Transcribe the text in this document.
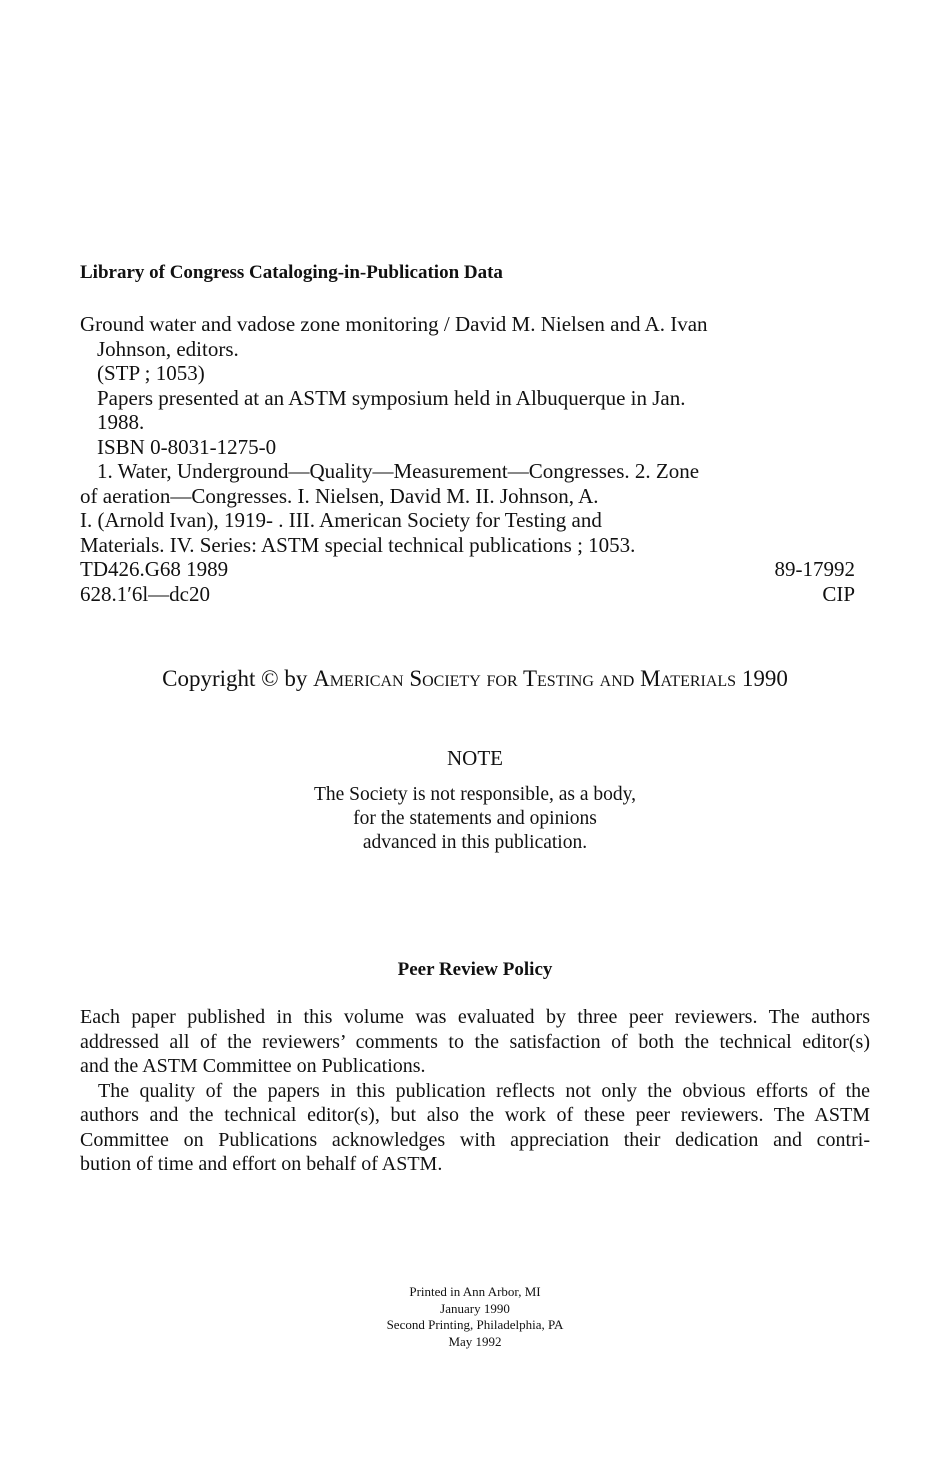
Library of Congress Cataloging-in-Publication Data
Ground water and vadose zone monitoring / David M. Nielsen and A. Ivan
Johnson, editors.
(STP ; 1053)
Papers presented at an ASTM symposium held in Albuquerque in Jan.
1988.
ISBN 0-8031-1275-0
1. Water, Underground—Quality—Measurement—Congresses. 2. Zone
of aeration—Congresses. I. Nielsen, David M. II. Johnson, A.
I. (Arnold Ivan), 1919- . III. American Society for Testing and
Materials. IV. Series: ASTM special technical publications ; 1053.
TD426.G68 1989	89-17992
628.1′6l—dc20	CIP
Copyright © by American Society for Testing and Materials 1990
NOTE
The Society is not responsible, as a body,
for the statements and opinions
advanced in this publication.
Peer Review Policy
Each paper published in this volume was evaluated by three peer reviewers. The authors
addressed all of the reviewers’ comments to the satisfaction of both the technical editor(s)
and the ASTM Committee on Publications.
The quality of the papers in this publication reflects not only the obvious efforts of the
authors and the technical editor(s), but also the work of these peer reviewers. The ASTM
Committee on Publications acknowledges with appreciation their dedication and contri-
bution of time and effort on behalf of ASTM.
Printed in Ann Arbor, MI
January 1990
Second Printing, Philadelphia, PA
May 1992
